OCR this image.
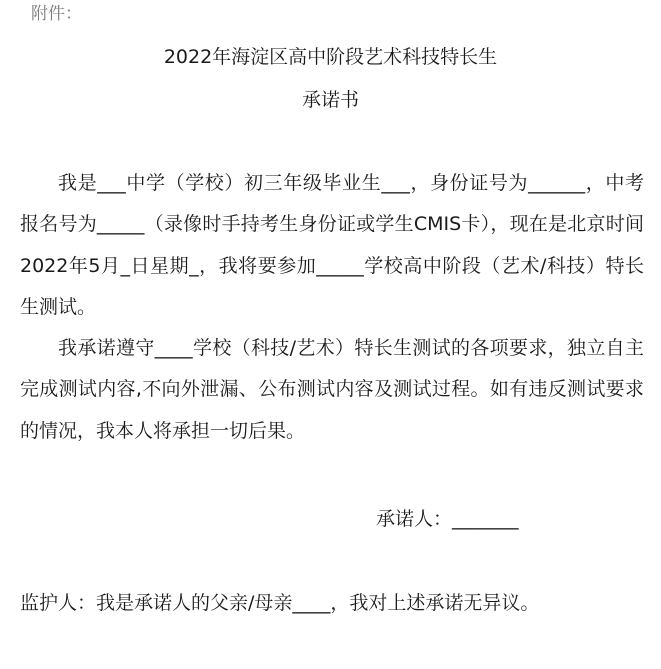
附件：
2022年海淀区高中阶段艺术科技特长生
承诺书

我是___中学（学校）初三年级毕业生___，身份证号为______，中考报名号为_____（录像时手持考生身份证或学生CMIS卡），现在是北京时间2022年5月_日星期_，我将要参加_____学校高中阶段（艺术/科技）特长生测试。

我承诺遵守____学校（科技/艺术）特长生测试的各项要求，独立自主完成测试内容,不向外泄漏、公布测试内容及测试过程。如有违反测试要求的情况，我本人将承担一切后果。

承诺人：_______
监护人：我是承诺人的父亲/母亲____，我对上述承诺无异议。
